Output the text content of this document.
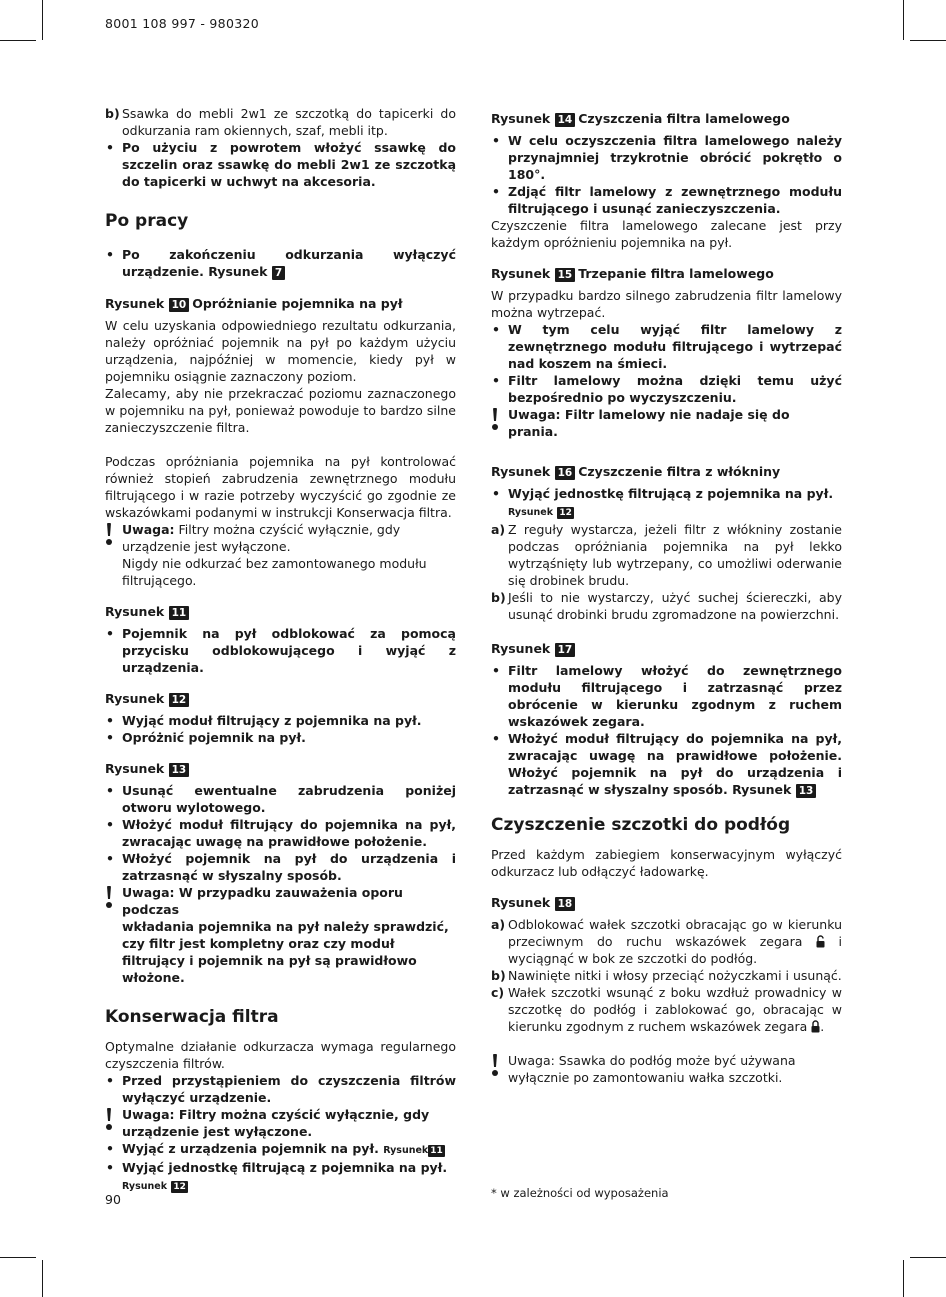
8001 108 997 - 980320
b) Ssawka do mebli 2w1 ze szczotką do tapicerki do odkurzania ram okiennych, szaf, mebli itp.
• Po użyciu z powrotem włożyć ssawkę do szczelin oraz ssawkę do mebli 2w1 ze szczotką do tapicerki w uchwyt na akcesoria.
Po pracy
• Po zakończeniu odkurzania wyłączyć urządzenie. Rysunek 7

Rysunek 10 Opróżnianie pojemnika na pył

W celu uzyskania odpowiedniego rezultatu odkurzania, należy opróżniać pojemnik na pył po każdym użyciu urządzenia, najpóźniej w momencie, kiedy pył w pojemniku osiągnie zaznaczony poziom.

Zalecamy, aby nie przekraczać poziomu zaznaczonego w pojemniku na pył, ponieważ powoduje to bardzo silne zanieczyszczenie filtra.

Podczas opróżniania pojemnika na pył kontrolować również stopień zabrudzenia zewnętrznego modułu filtrującego i w razie potrzeby wyczyścić go zgodnie ze wskazówkami podanymi w instrukcji Konserwacja filtra.

Uwaga: Filtry można czyścić wyłącznie, gdy
urządzenie jest wyłączone.
Nigdy nie odkurzać bez zamontowanego modułu filtrującego.

Rysunek 11

• Pojemnik na pył odblokować za pomocą przycisku odblokowującego i wyjąć z urządzenia.

Rysunek 12

• Wyjąć moduł filtrujący z pojemnika na pył.
• Opróżnić pojemnik na pył.

Rysunek 13

• Usunąć ewentualne zabrudzenia poniżej otworu wylotowego.
• Włożyć moduł filtrujący do pojemnika na pył, zwracając uwagę na prawidłowe położenie.
• Włożyć pojemnik na pył do urządzenia i zatrzasnąć w słyszalny sposób.
Uwaga: W przypadku zauważenia oporu podczas
wkładania pojemnika na pył należy sprawdzić,
czy filtr jest kompletny oraz czy moduł filtrujący i pojemnik na pył są prawidłowo włożone.
Konserwacja filtra

Optymalne działanie odkurzacza wymaga regularnego czyszczenia filtrów.

• Przed przystąpieniem do czyszczenia filtrów wyłączyć urządzenie.
Uwaga: Filtry można czyścić wyłącznie, gdy
urządzenie jest wyłączone.
• Wyjąć z urządzenia pojemnik na pył. Rysunek 11
• Wyjąć jednostkę filtrującą z pojemnika na pył.
Rysunek 12

Rysunek 14 Czyszczenia filtra lamelowego

• W celu oczyszczenia filtra lamelowego należy przynajmniej trzykrotnie obrócić pokrętło o 180°.
• Zdjąć filtr lamelowy z zewnętrznego modułu filtrującego i usunąć zanieczyszczenia.

Czyszczenie filtra lamelowego zalecane jest przy każdym opróżnieniu pojemnika na pył.

Rysunek 15 Trzepanie filtra lamelowego

W przypadku bardzo silnego zabrudzenia filtr lamelowy można wytrzepać.

• W tym celu wyjąć filtr lamelowy z zewnętrznego modułu filtrującego i wytrzepać nad koszem na śmieci.
• Filtr lamelowy można dzięki temu użyć bezpośrednio po wyczyszczeniu.
Uwaga: Filtr lamelowy nie nadaje się do prania.

Rysunek 16 Czyszczenie filtra z włókniny

• Wyjąć jednostkę filtrującą z pojemnika na pył.
Rysunek 12
a) Z reguły wystarcza, jeżeli filtr z włókniny zostanie podczas opróżniania pojemnika na pył lekko wytrząśnięty lub wytrzepany, co umożliwi oderwanie się drobinek brudu.
b) Jeśli to nie wystarczy, użyć suchej ściereczki, aby usunąć drobinki brudu zgromadzone na powierzchni.

Rysunek 17

• Filtr lamelowy włożyć do zewnętrznego modułu filtrującego i zatrzasnąć przez obrócenie w kierunku zgodnym z ruchem wskazówek zegara.
• Włożyć moduł filtrujący do pojemnika na pył, zwracając uwagę na prawidłowe położenie. Włożyć pojemnik na pył do urządzenia i zatrzasnąć w słyszalny sposób. Rysunek 13
Czyszczenie szczotki do podłóg

Przed każdym zabiegiem konserwacyjnym wyłączyć odkurzacz lub odłączyć ładowarkę.

Rysunek 18

a) Odblokować wałek szczotki obracając go w kierunku przeciwnym do ruchu wskazówek zegara	i wyciągnąć w bok ze szczotki do podłóg.
b) Nawinięte nitki i włosy przeciąć nożyczkami i usunąć.
c) Wałek szczotki wsunąć z boku wzdłuż prowadnicy w szczotkę do podłóg i zablokować go, obracając w kierunku zgodnym z ruchem wskazówek zegara .
Uwaga: Ssawka do podłóg może być używana
wyłącznie po zamontowaniu wałka szczotki.
90	* w zależności od wyposażenia
